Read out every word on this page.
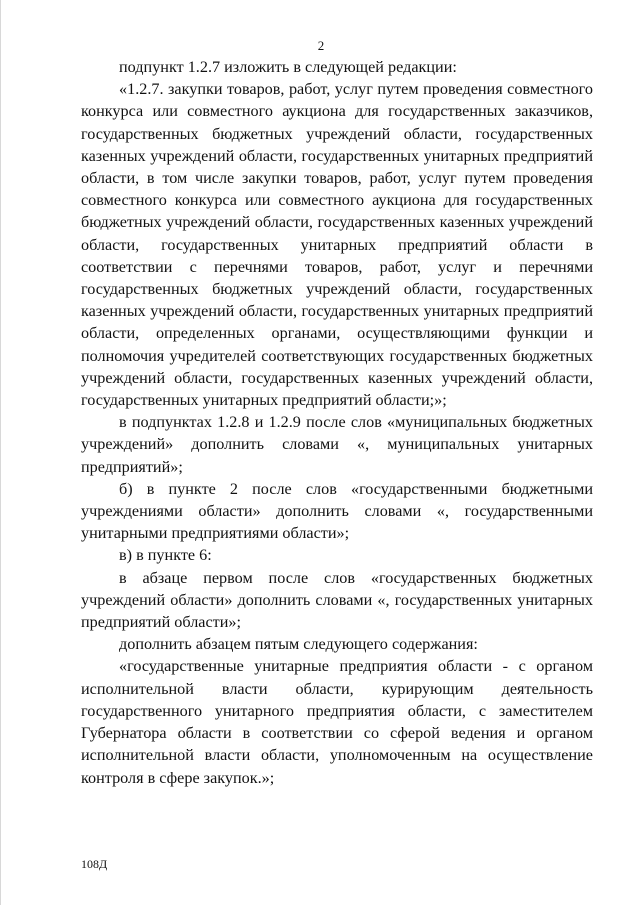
2

подпункт 1.2.7 изложить в следующей редакции:

«1.2.7. закупки товаров, работ, услуг путем проведения совместного конкурса или совместного аукциона для государственных заказчиков, государственных бюджетных учреждений области, государственных казенных учреждений области, государственных унитарных предприятий области, в том числе закупки товаров, работ, услуг путем проведения совместного конкурса или совместного аукциона для государственных бюджетных учреждений области, государственных казенных учреждений области, государственных унитарных предприятий области в соответствии с перечнями товаров, работ, услуг и перечнями государственных бюджетных учреждений области, государственных казенных учреждений области, государственных унитарных предприятий области, определенных органами, осуществляющими функции и полномочия учредителей соответствующих государственных бюджетных учреждений области, государственных казенных учреждений области, государственных унитарных предприятий области;»;

в подпунктах 1.2.8 и 1.2.9 после слов «муниципальных бюджетных учреждений» дополнить словами «, муниципальных унитарных предприятий»;

б) в пункте 2 после слов «государственными бюджетными учреждениями области» дополнить словами «, государственными унитарными предприятиями области»;

в) в пункте 6:

в абзаце первом после слов «государственных бюджетных учреждений области» дополнить словами «, государственных унитарных предприятий области»;

дополнить абзацем пятым следующего содержания:

«государственные унитарные предприятия области - с органом исполнительной власти области, курирующим деятельность государственного унитарного предприятия области, с заместителем Губернатора области в соответствии со сферой ведения и органом исполнительной власти области, уполномоченным на осуществление контроля в сфере закупок.»;

108Д
